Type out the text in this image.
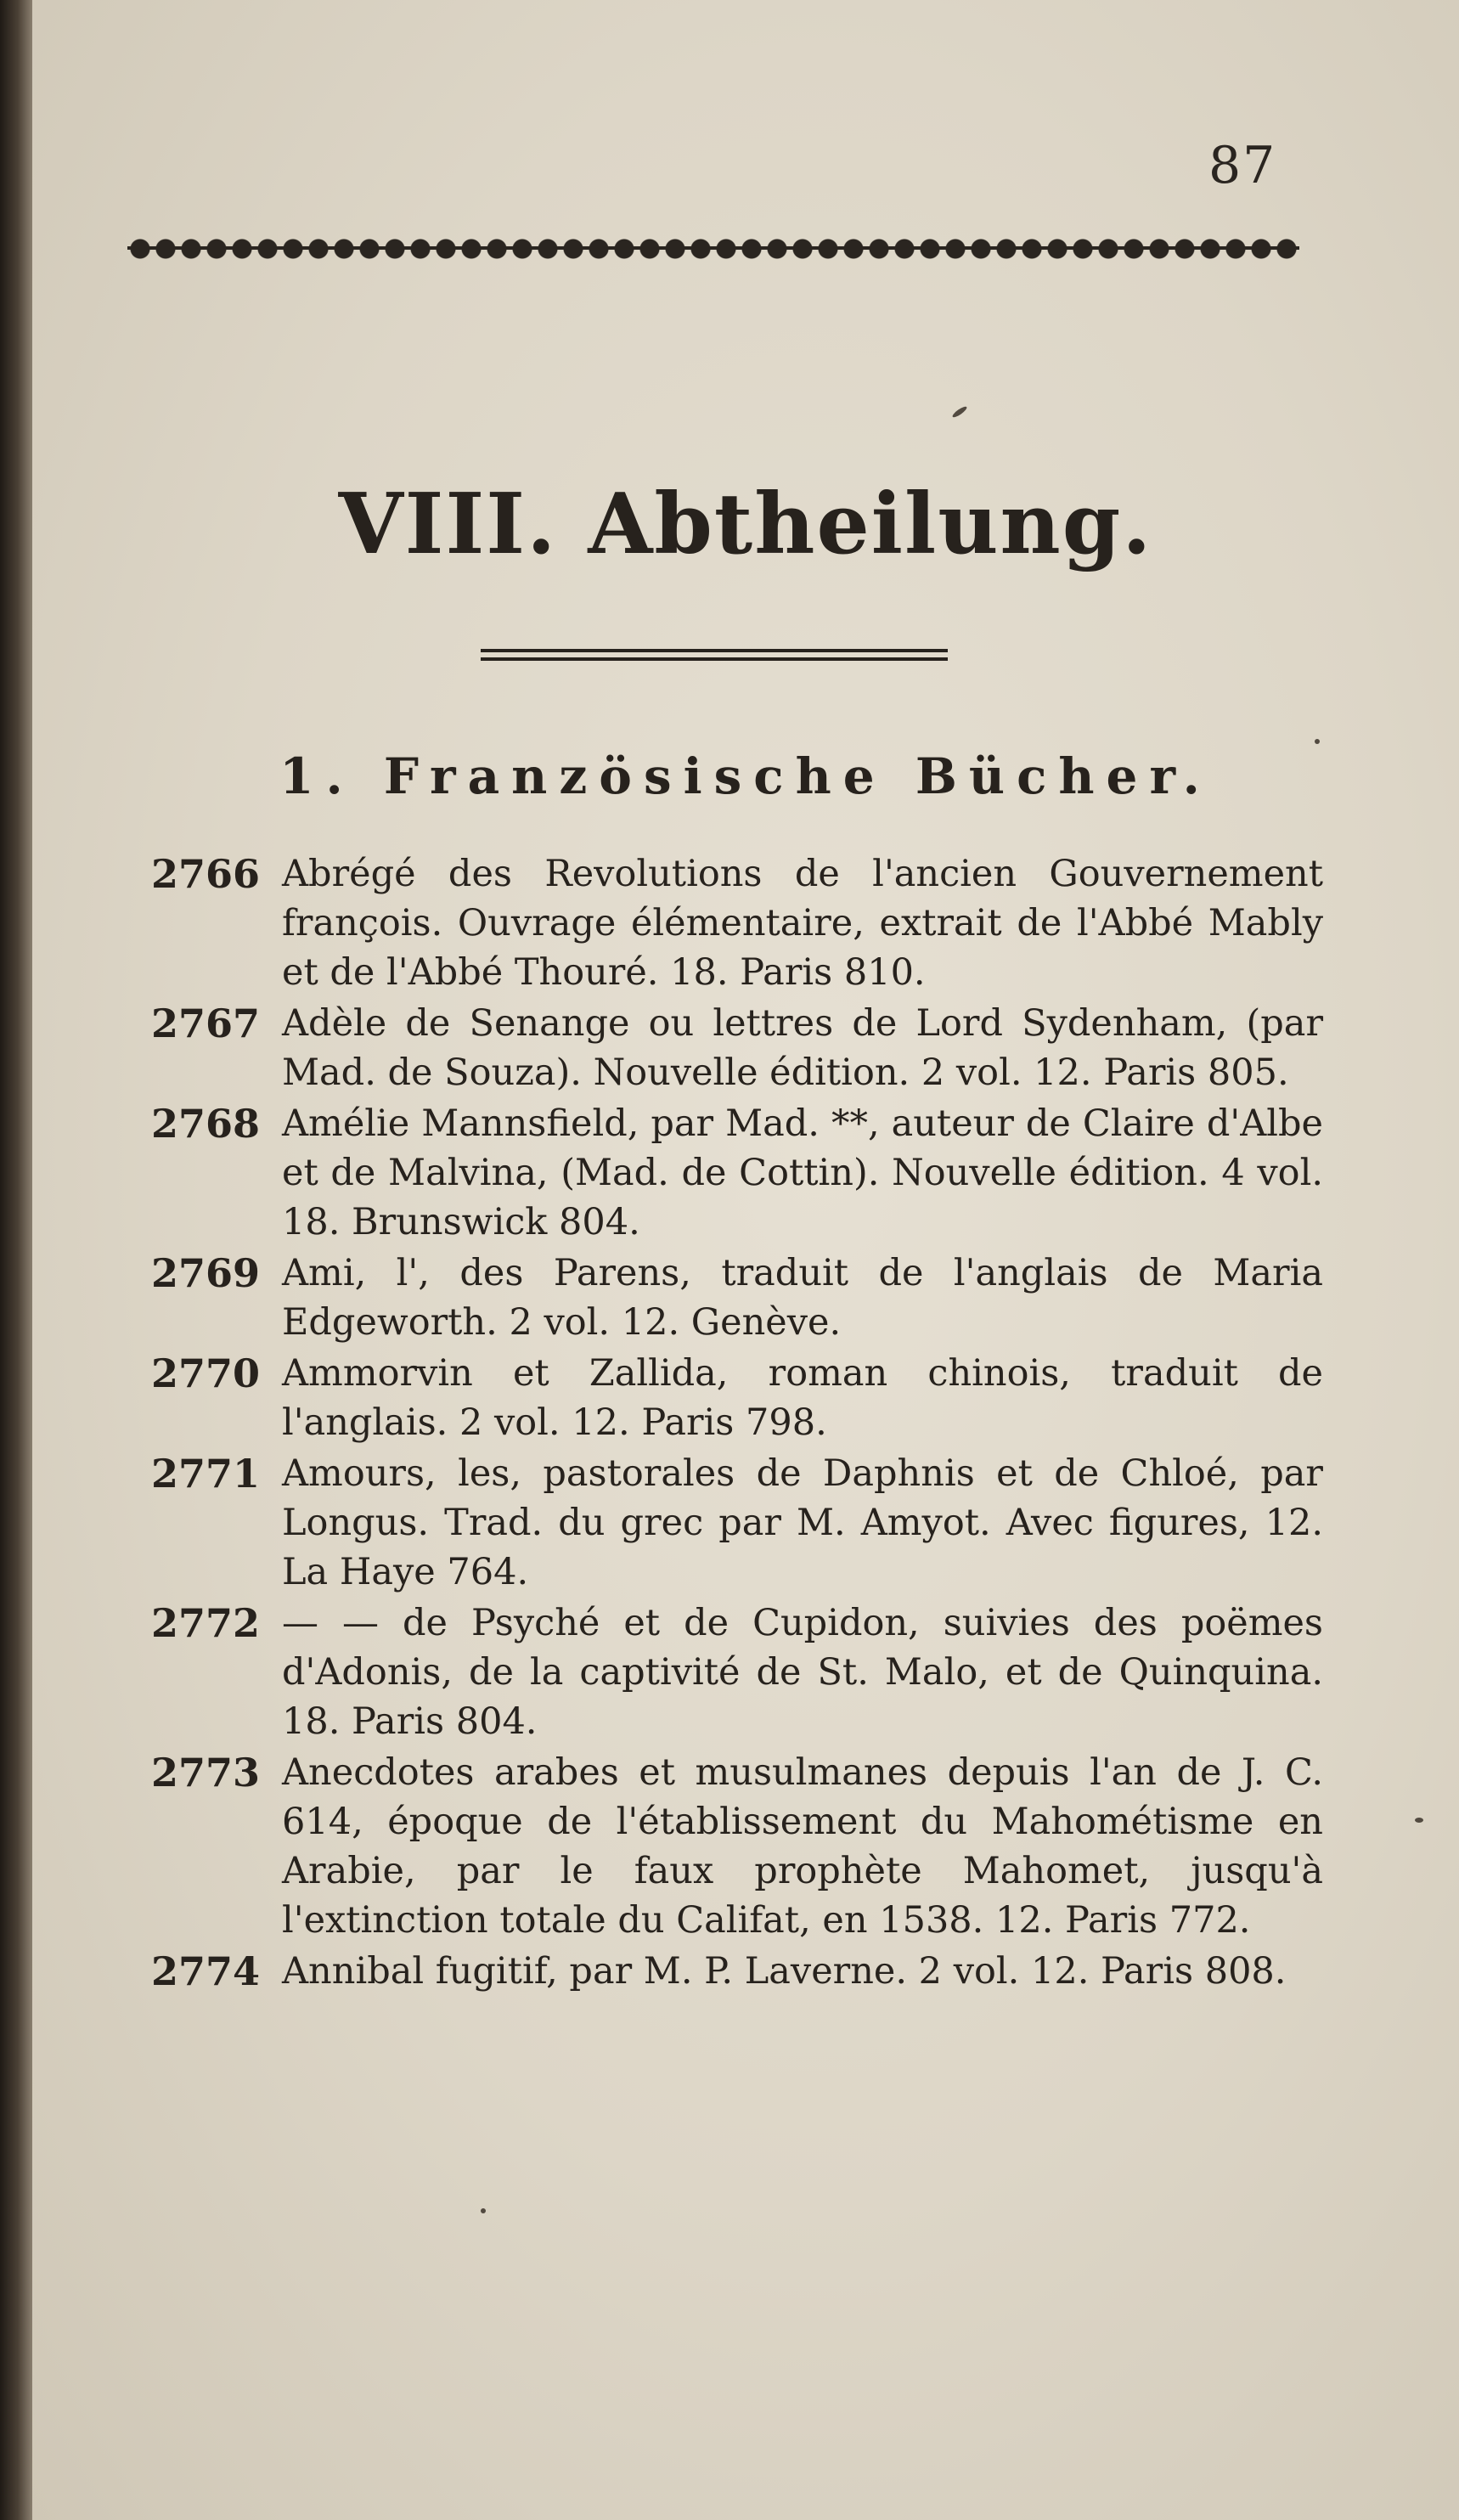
87
VIII. Abtheilung.
1. Französische Bücher.
2766 Abrégé des Revolutions de l'ancien Gouvernement françois. Ouvrage élémentaire, extrait de l'Abbé Mably et de l'Abbé Thouré. 18. Paris 810.
2767 Adèle de Senange ou lettres de Lord Sydenham, (par Mad. de Souza). Nouvelle édition. 2 vol. 12. Paris 805.
2768 Amélie Mannsfield, par Mad. **, auteur de Claire d'Albe et de Malvina, (Mad. de Cottin). Nouvelle édition. 4 vol. 18. Brunswick 804.
2769 Ami, l', des Parens, traduit de l'anglais de Maria Edgeworth. 2 vol. 12. Genève.
2770 Ammorvin et Zallida, roman chinois, traduit de l'anglais. 2 vol. 12. Paris 798.
2771 Amours, les, pastorales de Daphnis et de Chloé, par Longus. Trad. du grec par M. Amyot. Avec figures, 12. La Haye 764.
2772 — — de Psyché et de Cupidon, suivies des poëmes d'Adonis, de la captivité de St. Malo, et de Quinquina. 18. Paris 804.
2773 Anecdotes arabes et musulmanes depuis l'an de J. C. 614, époque de l'établissement du Mahométisme en Arabie, par le faux prophète Mahomet, jusqu'à l'extinction totale du Califat, en 1538. 12. Paris 772.
2774 Annibal fugitif, par M. P. Laverne. 2 vol. 12. Paris 808.
